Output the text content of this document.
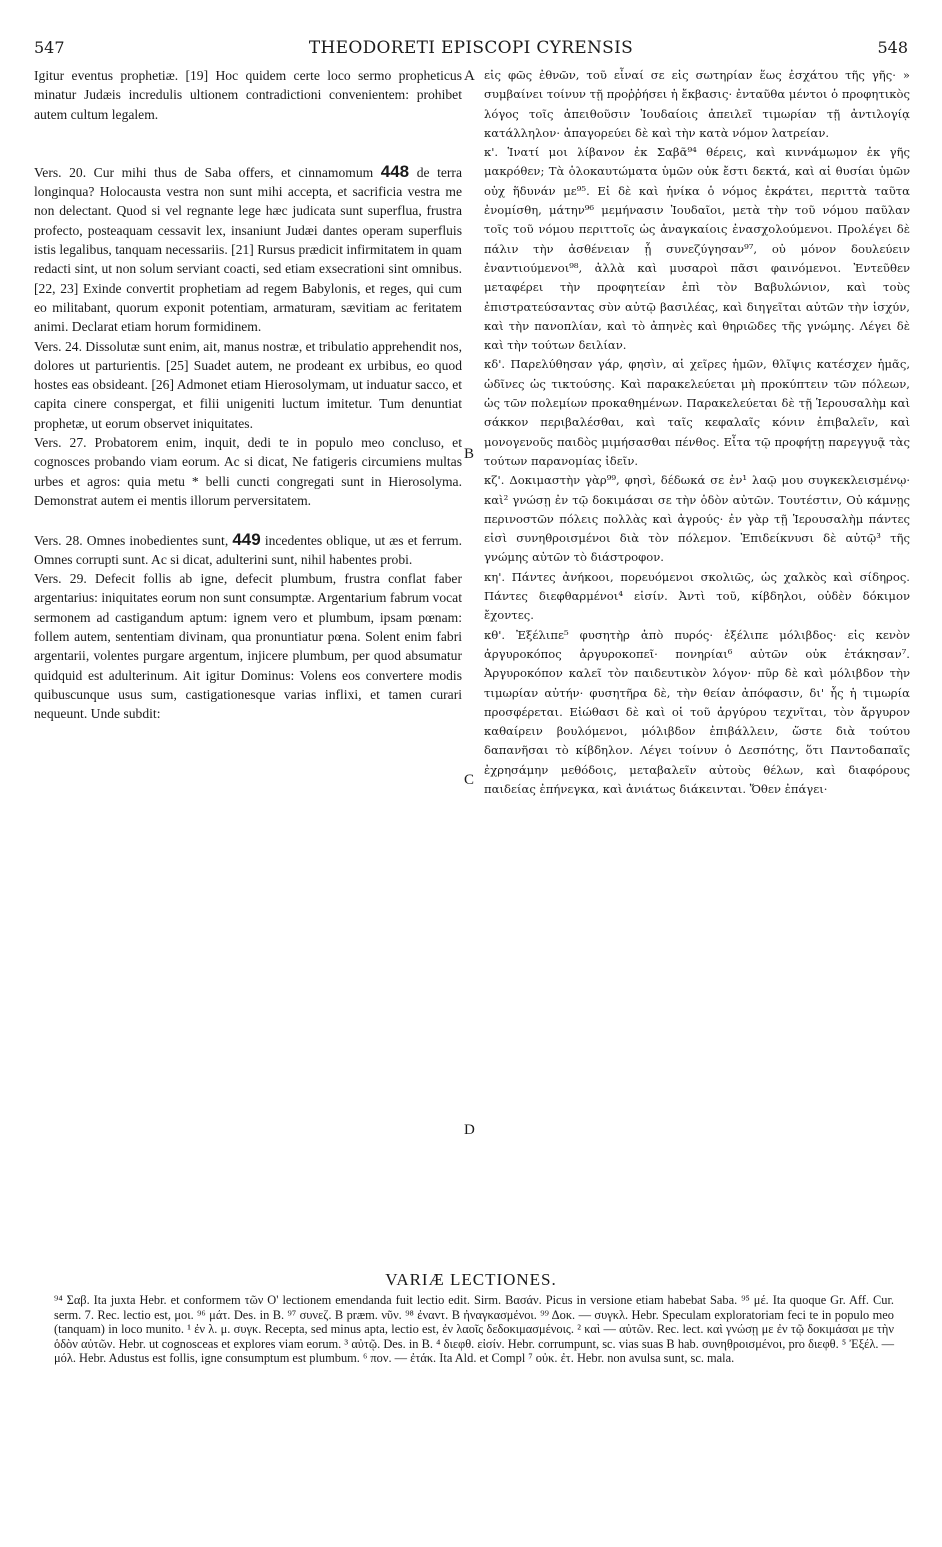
547	THEODORETI EPISCOPI CYRENSIS	548

Igitur eventus prophetiæ. [19] Hoc quidem certe loco sermo propheticus minatur Judæis incredulis ultionem contradictioni convenientem: prohibet autem cultum legalem.

Vers. 20. Cur mihi thus de Saba offers, et cinnamomum 448 de terra longinqua? Holocausta vestra non sunt mihi accepta, et sacrificia vestra me non delectant. Quod si vel regnante lege hæc judicata sunt superflua, frustra profecto, posteaquam cessavit lex, insaniunt Judæi dantes operam superfluis istis legalibus, tanquam necessariis. [21] Rursus prædicit infirmitatem in quam redacti sint, ut non solum serviant coacti, sed etiam exsecrationi sint omnibus. [22, 23] Exinde convertit prophetiam ad regem Babylonis, et reges, qui cum eo militabant, quorum exponit potentiam, armaturam, sævitiam ac feritatem animi. Declarat etiam horum formidinem.

Vers. 24. Dissolutæ sunt enim, ait, manus nostræ, et tribulatio apprehendit nos, dolores ut parturientis. [25] Suadet autem, ne prodeant ex urbibus, eo quod hostes eas obsideant. [26] Admonet etiam Hierosolymam, ut induatur sacco, et capita cinere conspergat, et filii unigeniti luctum imitetur. Tum denuntiat prophetæ, ut eorum observet iniquitates.

Vers. 27. Probatorem enim, inquit, dedi te in populo meo concluso, et cognosces probando viam eorum. Ac si dicat, Ne fatigeris circumiens multas urbes et agros: quia metu * belli cuncti congregati sunt in Hierosolyma. Demonstrat autem ei mentis illorum perversitatem.

Vers. 28. Omnes inobedientes sunt, 449 incedentes oblique, ut æs et ferrum. Omnes corrupti sunt. Ac si dicat, adulterini sunt, nihil habentes probi.

Vers. 29. Defecit follis ab igne, defecit plumbum, frustra conflat faber argentarius: iniquitates eorum non sunt consumptæ. Argentarium fabrum vocat sermonem ad castigandum aptum: ignem vero et plumbum, ipsam pœnam: follem autem, sententiam divinam, qua pronuntiatur pœna. Solent enim fabri argentarii, volentes purgare argentum, injicere plumbum, per quod absumatur quidquid est adulterinum. Ait igitur Dominus: Volens eos convertere modis quibuscunque usus sum, castigationesque varias inflixi, et tamen curari nequeunt. Unde subdit:

A
B
C
D

εἰς φῶς ἐθνῶν, τοῦ εἶναί σε εἰς σωτηρίαν ἕως ἐσχάτου τῆς γῆς· » συμβαίνει τοίνυν τῇ προῤῥήσει ἡ ἔκβασις· ἐνταῦθα μέντοι ὁ προφητικὸς λόγος τοῖς ἀπειθοῦσιν Ἰουδαίοις ἀπειλεῖ τιμωρίαν τῇ ἀντιλογίᾳ κατάλληλον· ἀπαγορεύει δὲ καὶ τὴν κατὰ νόμον λατρείαν.

κ'. Ἱνατί μοι λίβανον ἐκ Σαβᾶ⁹⁴ θέρεις, καὶ κιννάμωμον ἐκ γῆς μακρόθεν; Τὰ ὁλοκαυτώματα ὑμῶν οὐκ ἔστι δεκτά, καὶ αἱ θυσίαι ὑμῶν οὐχ ἥδυνάν με⁹⁵. Εἰ δὲ καὶ ἡνίκα ὁ νόμος ἐκράτει, περιττὰ ταῦτα ἐνομίσθη, μάτην⁹⁶ μεμήνασιν Ἰουδαῖοι, μετὰ τὴν τοῦ νόμου παῦλαν τοῖς τοῦ νόμου περιττοῖς ὡς ἀναγκαίοις ἐνασχολούμενοι. Προλέγει δὲ πάλιν τὴν ἀσθένειαν ᾗ συνεζύγησαν⁹⁷, οὐ μόνον δουλεύειν ἐναντιούμενοι⁹⁸, ἀλλὰ καὶ μυσαροὶ πᾶσι φαινόμενοι. Ἐντεῦθεν μεταφέρει τὴν προφητείαν ἐπὶ τὸν Βαβυλώνιον, καὶ τοὺς ἐπιστρατεύσαντας σὺν αὐτῷ βασιλέας, καὶ διηγεῖται αὐτῶν τὴν ἰσχύν, καὶ τὴν πανοπλίαν, καὶ τὸ ἀπηνὲς καὶ θηριῶδες τῆς γνώμης. Λέγει δὲ καὶ τὴν τούτων δειλίαν.

κδ'. Παρελύθησαν γάρ, φησὶν, αἱ χεῖρες ἡμῶν, θλῖψις κατέσχεν ἡμᾶς, ὠδῖνες ὡς τικτούσης. Καὶ παρακελεύεται μὴ προκύπτειν τῶν πόλεων, ὡς τῶν πολεμίων προκαθημένων. Παρακελεύεται δὲ τῇ Ἱερουσαλὴμ καὶ σάκκον περιβαλέσθαι, καὶ ταῖς κεφαλαῖς κόνιν ἐπιβαλεῖν, καὶ μονογενοῦς παιδὸς μιμήσασθαι πένθος. Εἶτα τῷ προφήτῃ παρεγγυᾷ τὰς τούτων παρανομίας ἰδεῖν.

κζ'. Δοκιμαστὴν γὰρ⁹⁹, φησὶ, δέδωκά σε ἐν¹ λαῷ μου συγκεκλεισμένῳ· καὶ² γνώσῃ ἐν τῷ δοκιμάσαι σε τὴν ὁδὸν αὐτῶν. Τουτέστιν, Οὐ κάμνῃς περινοστῶν πόλεις πολλὰς καὶ ἀγρούς· ἐν γὰρ τῇ Ἱερουσαλὴμ πάντες εἰσὶ συνηθροισμένοι διὰ τὸν πόλεμον. Ἐπιδείκνυσι δὲ αὐτῷ³ τῆς γνώμης αὐτῶν τὸ διάστροφον.

κη'. Πάντες ἀνήκοοι, πορευόμενοι σκολιῶς, ὡς χαλκὸς καὶ σίδηρος. Πάντες διεφθαρμένοι⁴ εἰσίν. Ἀντὶ τοῦ, κίβδηλοι, οὐδὲν δόκιμον ἔχοντες.

κθ'. Ἐξέλιπε⁵ φυσητὴρ ἀπὸ πυρός· ἐξέλιπε μόλιβδος· εἰς κενὸν ἀργυροκόπος ἀργυροκοπεῖ· πονηρίαι⁶ αὐτῶν οὐκ ἐτάκησαν⁷. Ἀργυροκόπον καλεῖ τὸν παιδευτικὸν λόγον· πῦρ δὲ καὶ μόλιβδον τὴν τιμωρίαν αὐτήν· φυσητῆρα δὲ, τὴν θείαν ἀπόφασιν, δι' ἧς ἡ τιμωρία προσφέρεται. Εἰώθασι δὲ καὶ οἱ τοῦ ἀργύρου τεχνῖται, τὸν ἄργυρον καθαίρειν βουλόμενοι, μόλιβδον ἐπιβάλλειν, ὥστε διὰ τούτου δαπανῆσαι τὸ κίβδηλον. Λέγει τοίνυν ὁ Δεσπότης, ὅτι Παντοδαπαῖς ἐχρησάμην μεθόδοις, μεταβαλεῖν αὐτοὺς θέλων, καὶ διαφόρους παιδείας ἐπήνεγκα, καὶ ἀνιάτως διάκεινται. Ὅθεν ἐπάγει·

VARIÆ LECTIONES.
⁹⁴ Σαβ. Ita juxta Hebr. et conformem τῶν Ο' lectionem emendanda fuit lectio edit. Sirm. Βασάν. Picus in versione etiam habebat Saba. ⁹⁵ μέ. Ita quoque Gr. Aff. Cur. serm. 7. Rec. lectio est, μοι. ⁹⁶ μάτ. Des. in B. ⁹⁷ συνεζ. B præm. νῦν. ⁹⁸ ἐναντ. B ἠναγκασμένοι. ⁹⁹ Δοκ. — συγκλ. Hebr. Speculam exploratoriam feci te in populo meo (tanquam) in loco munito. ¹ ἐν λ. μ. συγκ. Recepta, sed minus apta, lectio est, ἐν λαοῖς δεδοκιμασμένοις. ² καὶ — αὐτῶν. Rec. lect. καὶ γνώσῃ με ἐν τῷ δοκιμάσαι με τὴν ὁδὸν αὐτῶν. Hebr. ut cognosceas et explores viam eorum. ³ αὐτῷ. Des. in B. ⁴ διεφθ. εἰσίν. Hebr. corrumpunt, sc. vias suas B hab. συνηθροισμένοι, pro διεφθ. ⁵ Ἐξέλ. — μόλ. Hebr. Adustus est follis, igne consumptum est plumbum. ⁶ πον. — ἐτάκ. Ita Ald. et Compl ⁷ οὐκ. ἐτ. Hebr. non avulsa sunt, sc. mala.
